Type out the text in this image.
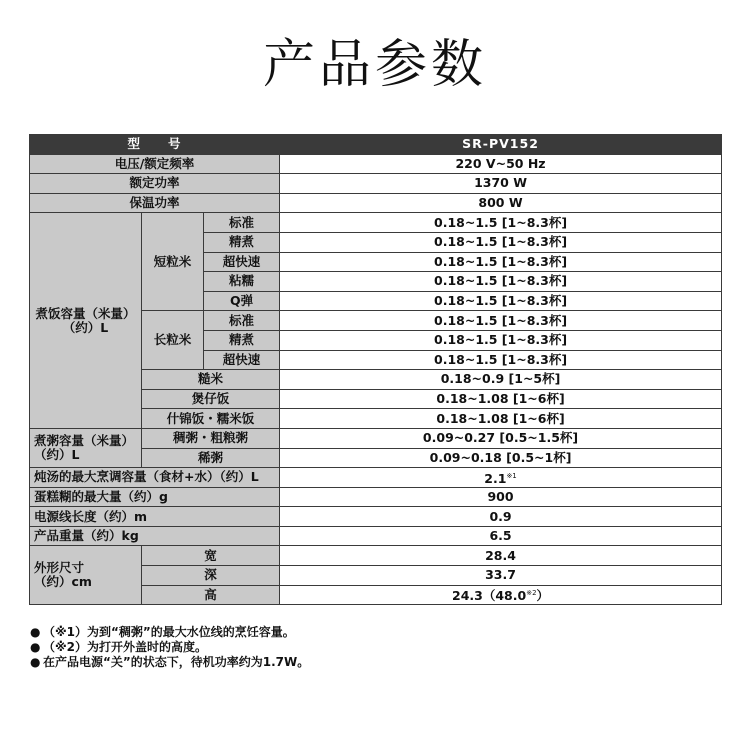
产品参数
型　　号			SR-PV152
电压/额定频率			220 V~50 Hz
额定功率			1370 W
保温功率			800 W

煮饭容量（米量）
（约）L	短粒米	标准	0.18~1.5 [1~8.3杯]
		精煮	0.18~1.5 [1~8.3杯]
		超快速	0.18~1.5 [1~8.3杯]
		粘糯	0.18~1.5 [1~8.3杯]
		Q弹	0.18~1.5 [1~8.3杯]
	长粒米	标准	0.18~1.5 [1~8.3杯]
		精煮	0.18~1.5 [1~8.3杯]
		超快速	0.18~1.5 [1~8.3杯]
	糙米		0.18~0.9 [1~5杯]
	煲仔饭		0.18~1.08 [1~6杯]
	什锦饭・糯米饭		0.18~1.08 [1~6杯]

煮粥容量（米量）
（约）L	稠粥・粗粮粥		0.09~0.27 [0.5~1.5杯]
	稀粥		0.09~0.18 [0.5~1杯]
炖汤的最大烹调容量（食材+水）（约）L			2.1$^{※1}$
蛋糕糊的最大量（约）g			900
电源线长度（约）m			0.9
产品重量（约）kg			6.5

外形尺寸
（约）cm	宽		28.4
	深		33.7
	高		24.3（48.0$^{※2}$）
● （※1）为到“稠粥”的最大水位线的烹饪容量。
● （※2）为打开外盖时的高度。
● 在产品电源“关”的状态下，待机功率约为1.7W。
